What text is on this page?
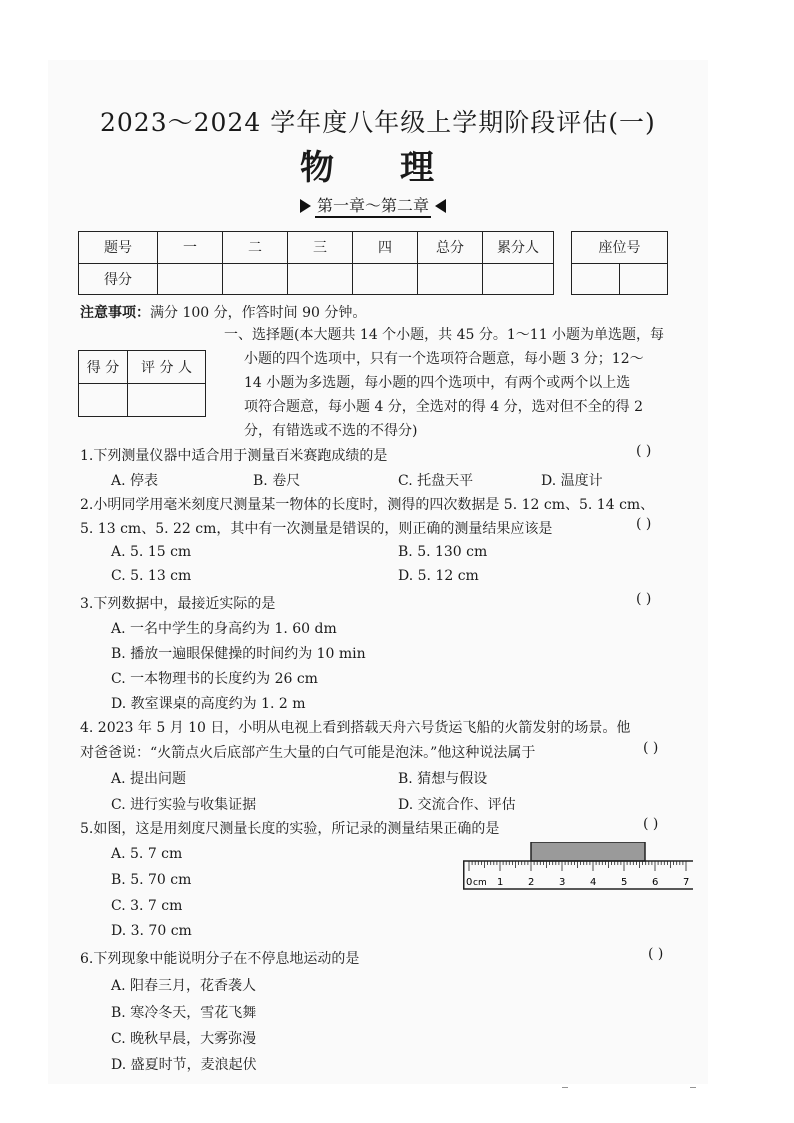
2023～2024 学年度八年级上学期阶段评估(一)
物理
第一章～第二章
题号	一	二	三	四	总分	累分人
得分						
座位号

注意事项：满分 100 分，作答时间 90 分钟。
得 分	评 分 人

一、选择题(本大题共 14 个小题，共 45 分。1～11 小题为单选题，每
小题的四个选项中，只有一个选项符合题意，每小题 3 分；12～
14 小题为多选题，每小题的四个选项中，有两个或两个以上选
项符合题意，每小题 4 分，全选对的得 4 分，选对但不全的得 2
分，有错选或不选的不得分)
1.下列测量仪器中适合用于测量百米赛跑成绩的是	( )
A. 停表	B. 卷尺	C. 托盘天平	D. 温度计
2.小明同学用毫米刻度尺测量某一物体的长度时，测得的四次数据是 5. 12 cm、5. 14 cm、
5. 13 cm、5. 22 cm，其中有一次测量是错误的，则正确的测量结果应该是	( )
A. 5. 15 cm	B. 5. 130 cm
C. 5. 13 cm	D. 5. 12 cm
3.下列数据中，最接近实际的是	( )
A. 一名中学生的身高约为 1. 60 dm
B. 播放一遍眼保健操的时间约为 10 min
C. 一本物理书的长度约为 26 cm
D. 教室课桌的高度约为 1. 2 m
4. 2023 年 5 月 10 日，小明从电视上看到搭载天舟六号货运飞船的火箭发射的场景。他
对爸爸说：“火箭点火后底部产生大量的白气可能是泡沫。”他这种说法属于	( )
A. 提出问题	B. 猜想与假设
C. 进行实验与收集证据	D. 交流合作、评估
5.如图，这是用刻度尺测量长度的实验，所记录的测量结果正确的是	( )
A. 5. 7 cm
B. 5. 70 cm
C. 3. 7 cm
D. 3. 70 cm
0 cm 1 2 3 4 5 6 7
6.下列现象中能说明分子在不停息地运动的是	( )
A. 阳春三月，花香袭人
B. 寒冷冬天，雪花飞舞
C. 晚秋早晨，大雾弥漫
D. 盛夏时节，麦浪起伏
_	_
